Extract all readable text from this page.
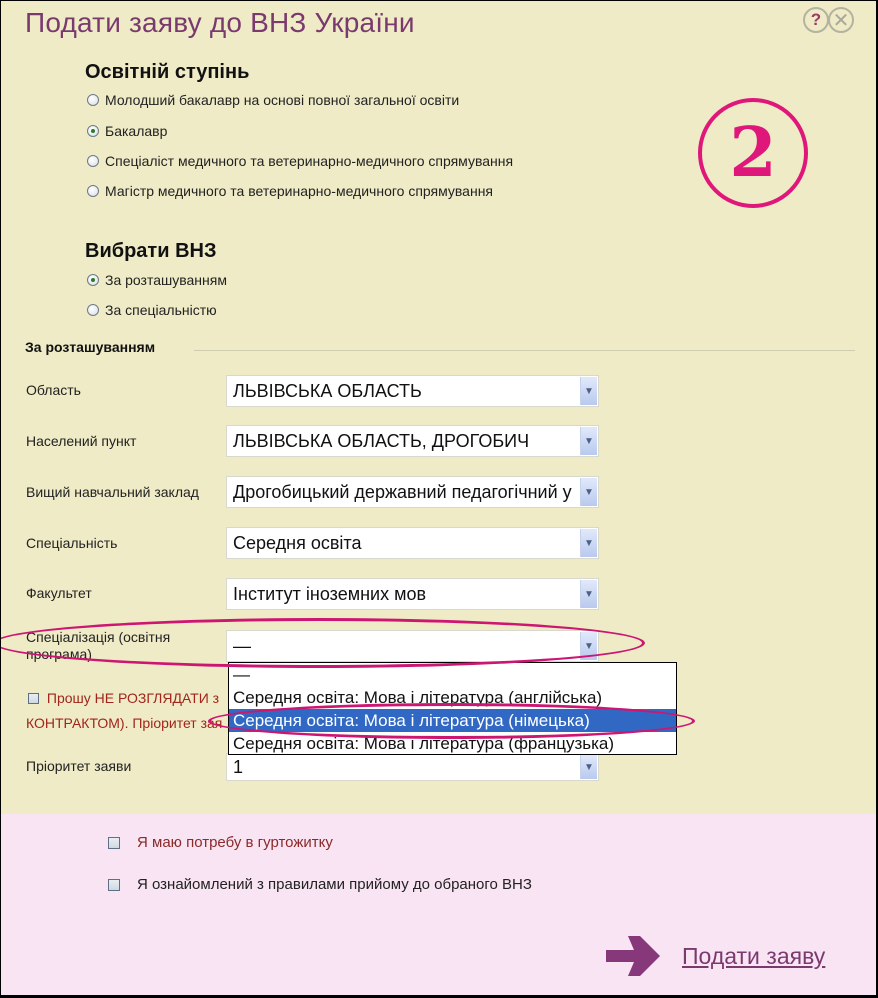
Подати заяву до ВНЗ України	? ✕
2
Освітній ступінь
Молодший бакалавр на основі повної загальної освіти
Бакалавр
Спеціаліст медичного та ветеринарно-медичного спрямування
Магістр медичного та ветеринарно-медичного спрямування
Вибрати ВНЗ
За розташуванням
За спеціальністю
За розташуванням
Область	ЛЬВІВСЬКА ОБЛАСТЬ	▼
Населений пункт	ЛЬВІВСЬКА ОБЛАСТЬ, ДРОГОБИЧ	▼
Вищий навчальний заклад	Дрогобицький державний педагогічний у	▼
Спеціальність	Середня освіта	▼
Факультет	Інститут іноземних мов	▼
Спеціалізація (освітня програма)	—	▼
—
Середня освіта: Мова і література (англійська)
Середня освіта: Мова і література (німецька)
Середня освіта: Мова і література (французька)
Прошу НЕ РОЗГЛЯДАТИ з
КОНТРАКТОМ). Пріоритет зая
Пріоритет заяви	1	▼
Я маю потребу в гуртожитку
Я ознайомлений з правилами прийому до обраного ВНЗ
Подати заяву
